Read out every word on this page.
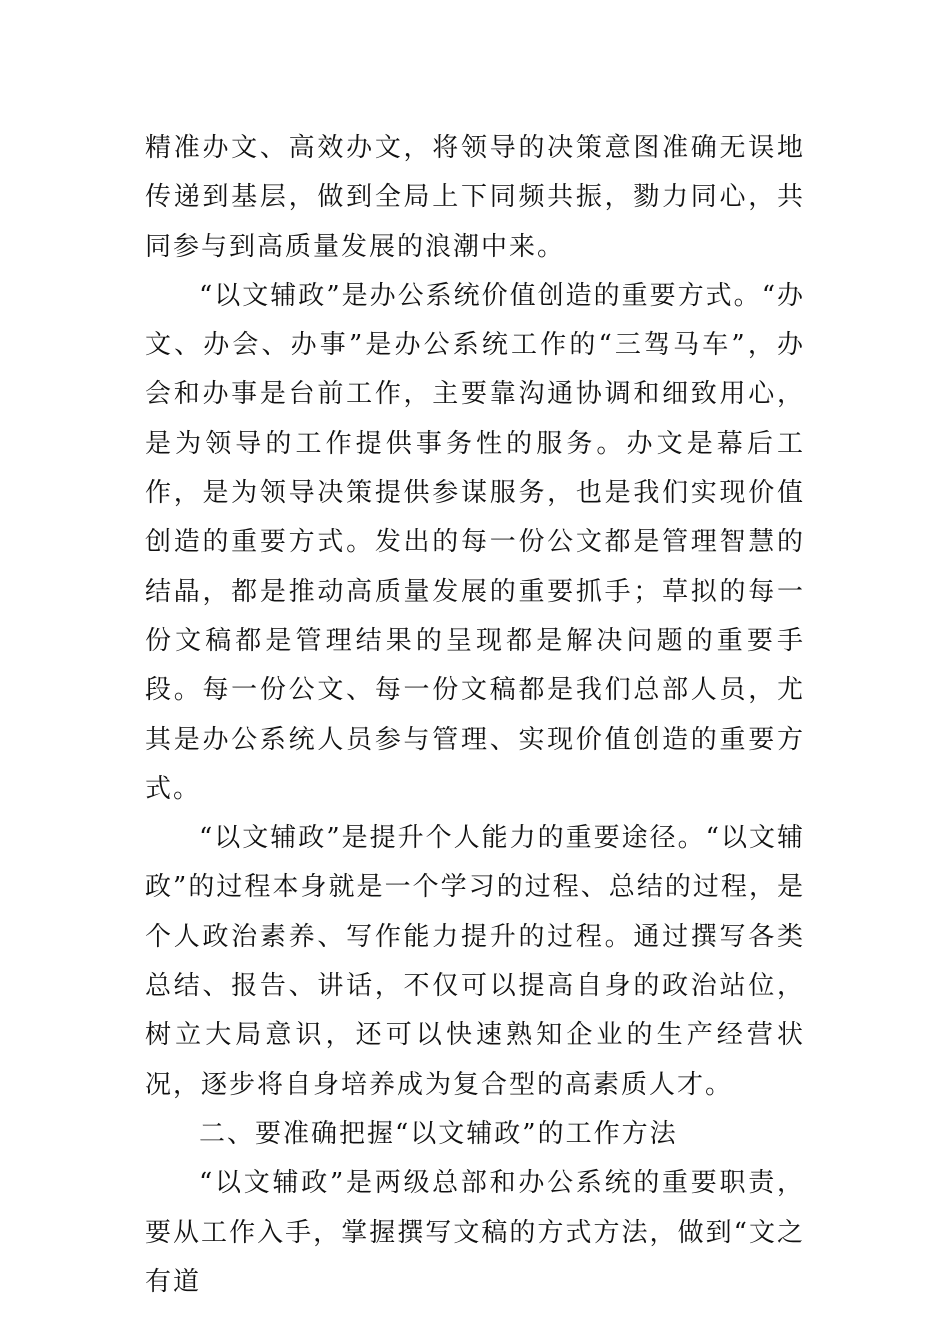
精准办文、高效办文，将领导的决策意图准确无误地传递到基层，做到全局上下同频共振，勠力同心，共同参与到高质量发展的浪潮中来。

“以文辅政”是办公系统价值创造的重要方式。“办文、办会、办事”是办公系统工作的“三驾马车”，办会和办事是台前工作，主要靠沟通协调和细致用心，是为领导的工作提供事务性的服务。办文是幕后工作，是为领导决策提供参谋服务，也是我们实现价值创造的重要方式。发出的每一份公文都是管理智慧的结晶，都是推动高质量发展的重要抓手；草拟的每一份文稿都是管理结果的呈现都是解决问题的重要手段。每一份公文、每一份文稿都是我们总部人员，尤其是办公系统人员参与管理、实现价值创造的重要方式。

“以文辅政”是提升个人能力的重要途径。“以文辅政”的过程本身就是一个学习的过程、总结的过程，是个人政治素养、写作能力提升的过程。通过撰写各类总结、报告、讲话，不仅可以提高自身的政治站位，树立大局意识，还可以快速熟知企业的生产经营状况，逐步将自身培养成为复合型的高素质人才。

二、要准确把握“以文辅政”的工作方法

“以文辅政”是两级总部和办公系统的重要职责，要从工作入手，掌握撰写文稿的方式方法，做到“文之有道
